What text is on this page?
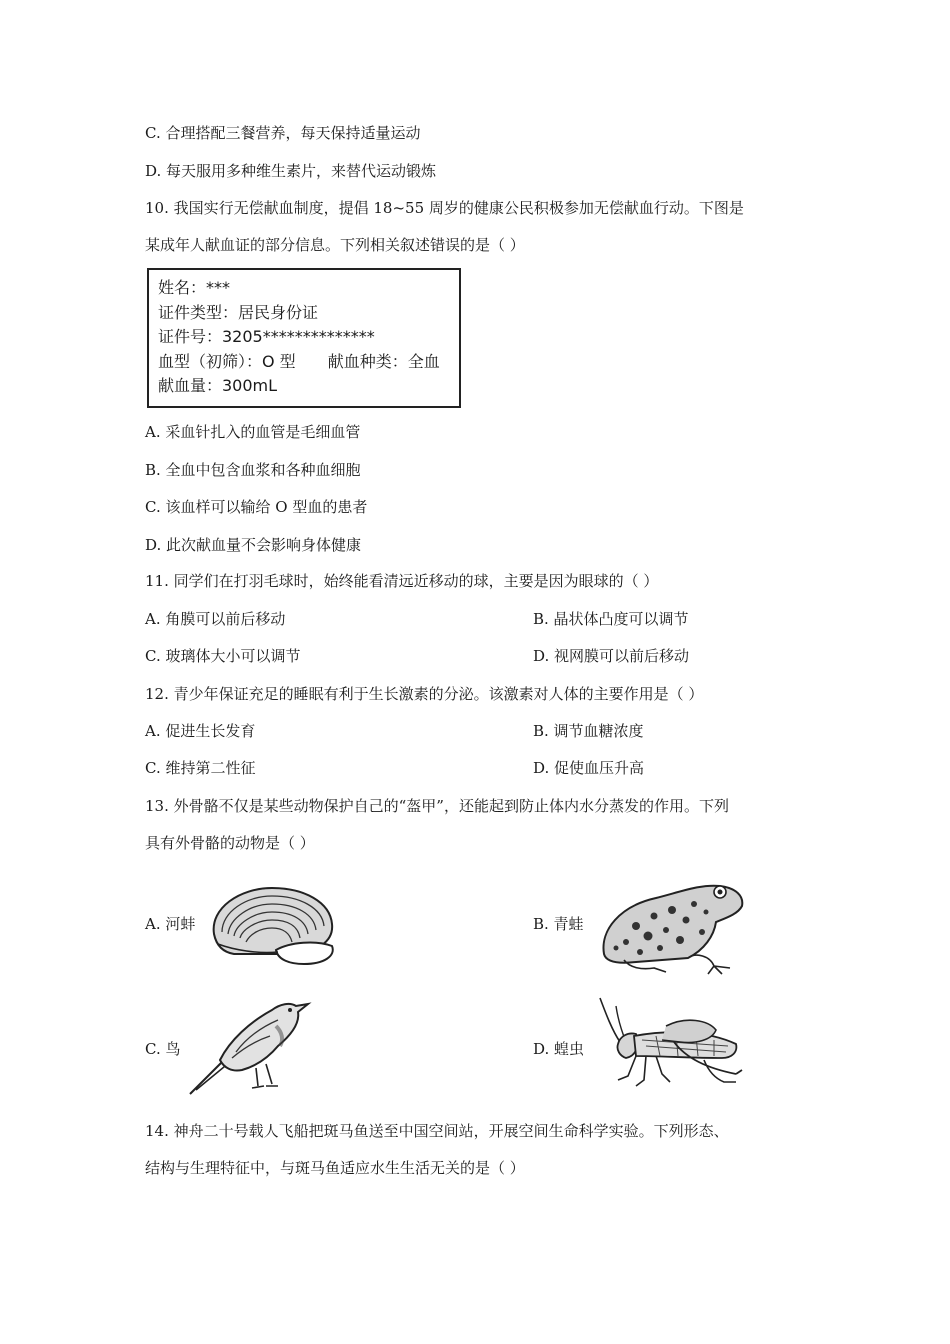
C. 合理搭配三餐营养，每天保持适量运动
D. 每天服用多种维生素片，来替代运动锻炼
10. 我国实行无偿献血制度，提倡 18~55 周岁的健康公民积极参加无偿献血行动。下图是
某成年人献血证的部分信息。下列相关叙述错误的是（ ）
姓名：***
证件类型：居民身份证
证件号：3205**************
血型（初筛）：O 型 献血种类：全血
献血量：300mL
A. 采血针扎入的血管是毛细血管
B. 全血中包含血浆和各种血细胞
C. 该血样可以输给 O 型血的患者
D. 此次献血量不会影响身体健康
11. 同学们在打羽毛球时，始终能看清远近移动的球，主要是因为眼球的（ ）
A. 角膜可以前后移动	B. 晶状体凸度可以调节
C. 玻璃体大小可以调节	D. 视网膜可以前后移动
12. 青少年保证充足的睡眠有利于生长激素的分泌。该激素对人体的主要作用是（ ）
A. 促进生长发育	B. 调节血糖浓度
C. 维持第二性征	D. 促使血压升高
13. 外骨骼不仅是某些动物保护自己的“盔甲”，还能起到防止体内水分蒸发的作用。下列
具有外骨骼的动物是（ ）
A. 河蚌	B. 青蛙
C. 鸟	D. 蝗虫
14. 神舟二十号载人飞船把斑马鱼送至中国空间站，开展空间生命科学实验。下列形态、
结构与生理特征中，与斑马鱼适应水生生活无关的是（ ）
